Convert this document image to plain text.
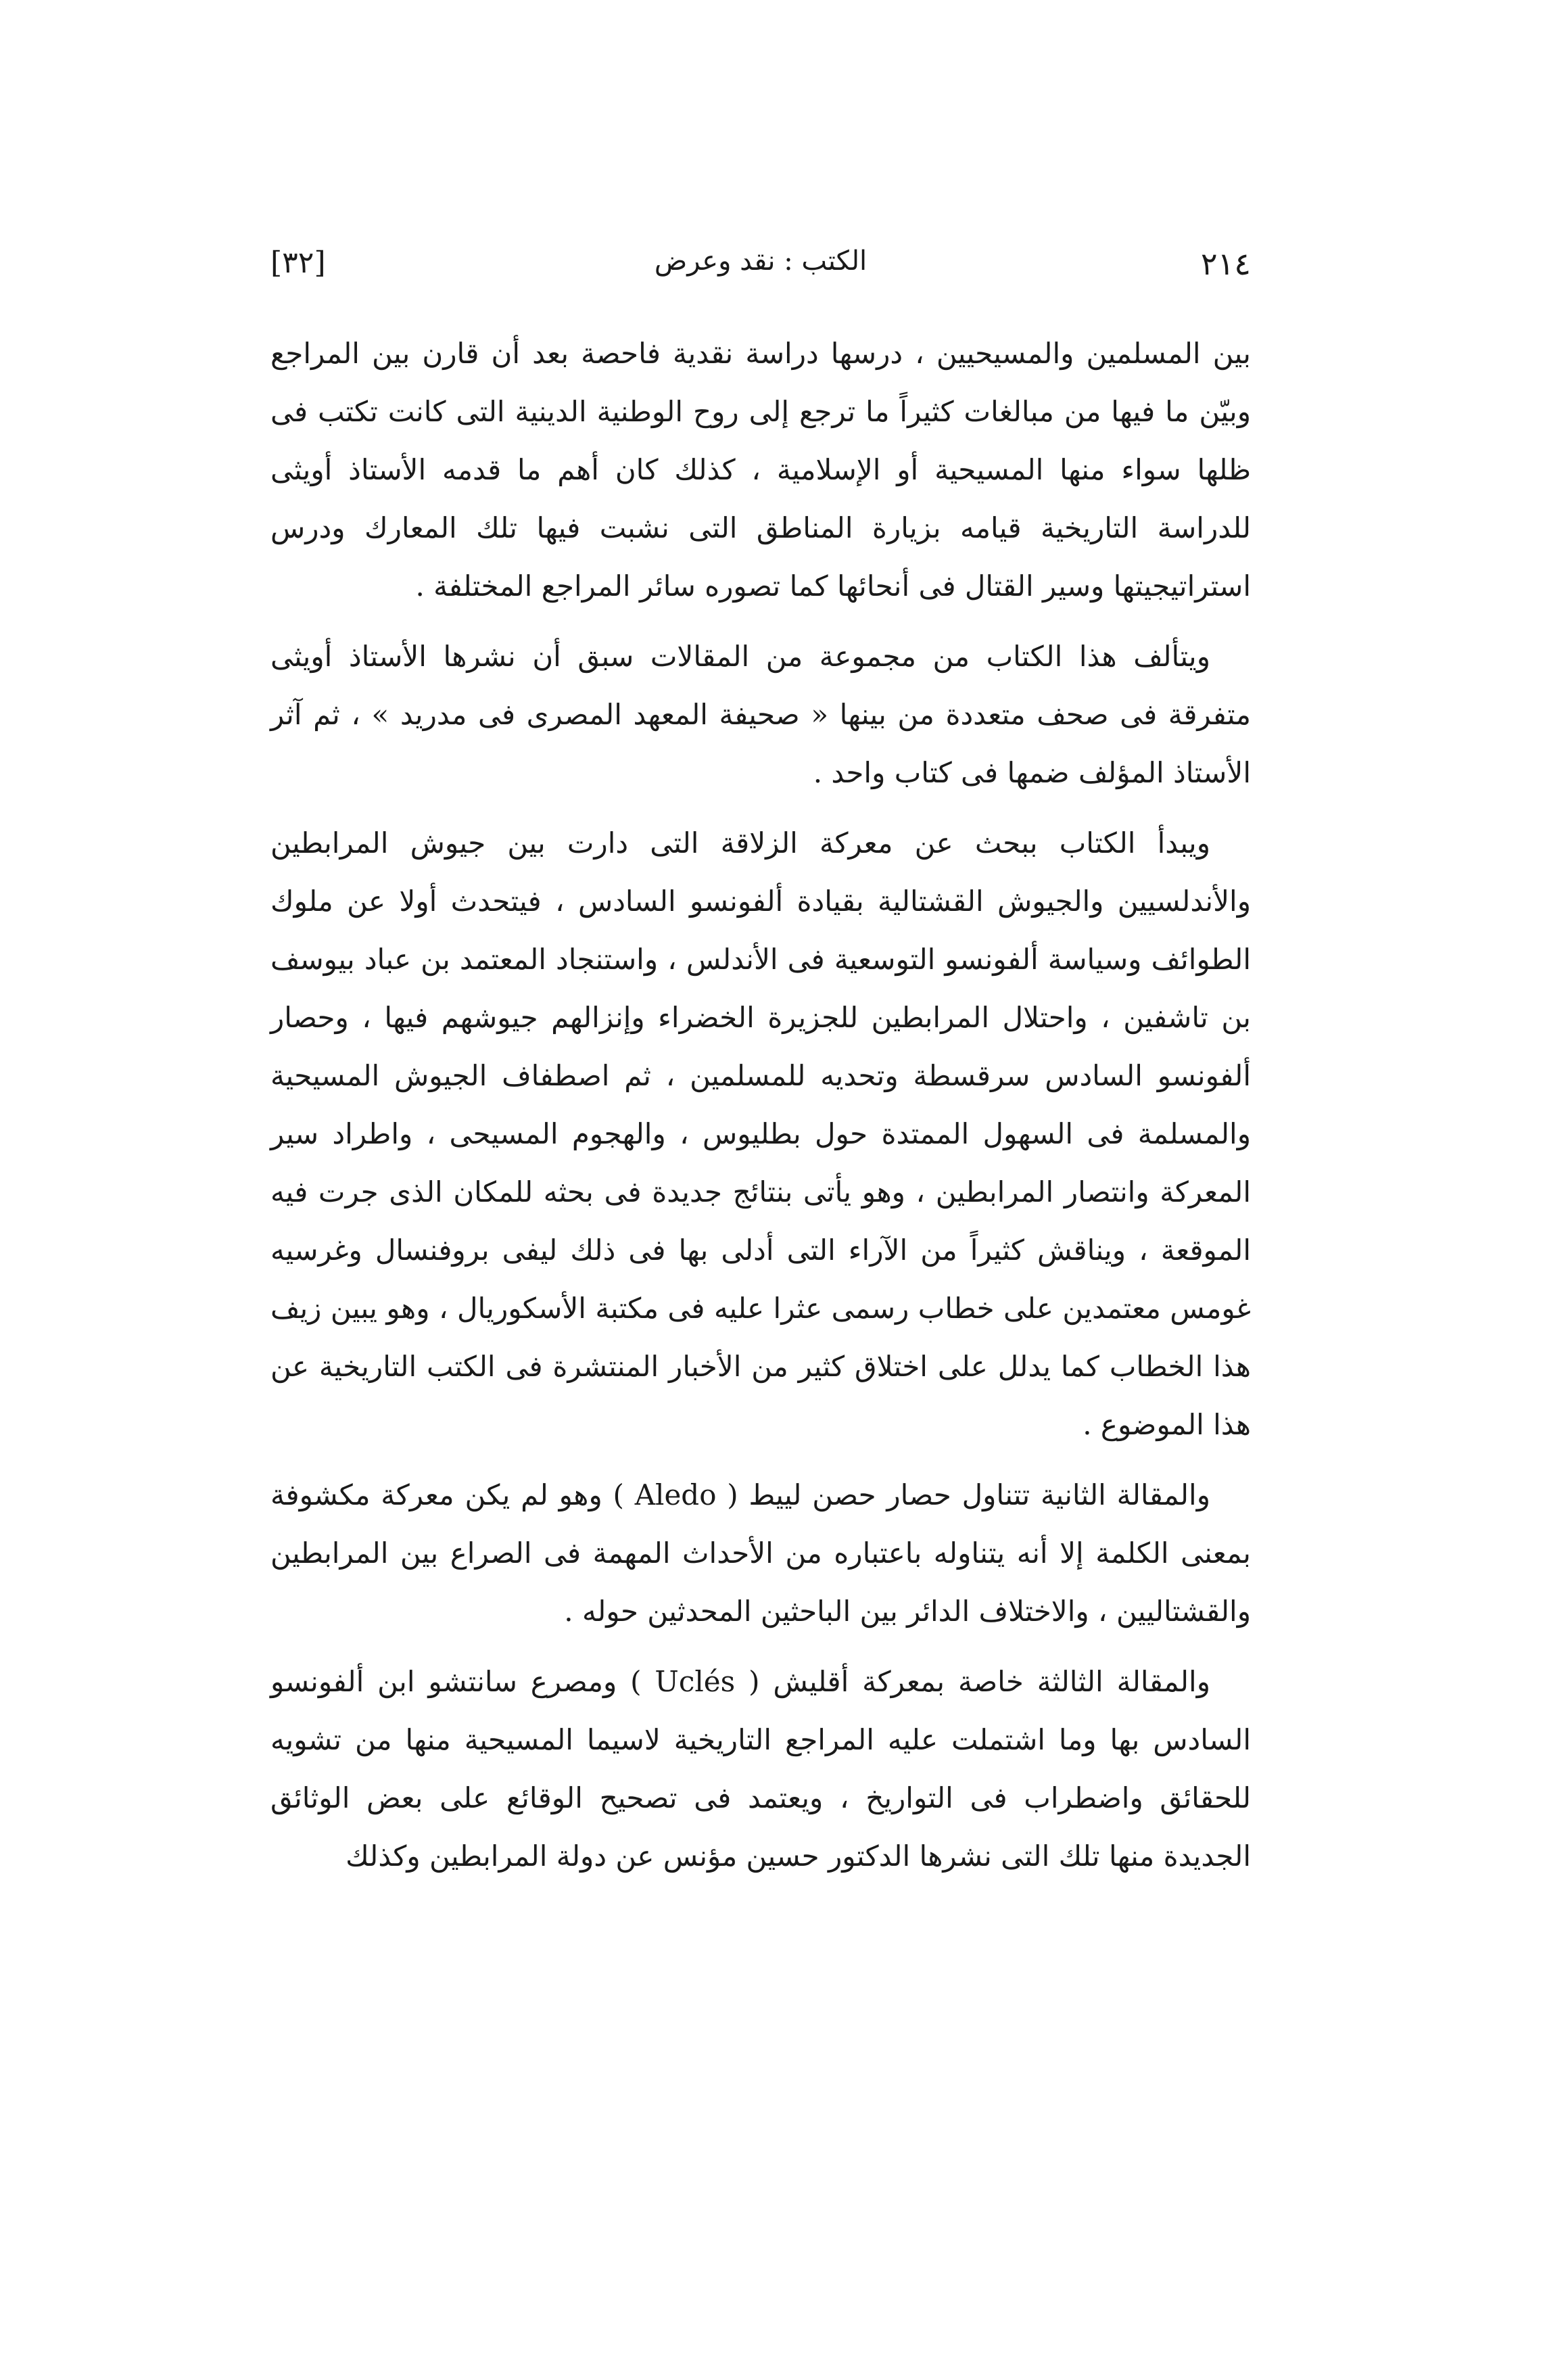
[٣٢]	الكتب : نقد وعرض	٢١٤

بين المسلمين والمسيحيين ، درسها دراسة نقدية فاحصة بعد أن قارن بين المراجع وبيّن ما فيها من مبالغات كثيراً ما ترجع إلى روح الوطنية الدينية التى كانت تكتب فى ظلها سواء منها المسيحية أو الإسلامية ، كذلك كان أهم ما قدمه الأستاذ أويثى للدراسة التاريخية قيامه بزيارة المناطق التى نشبت فيها تلك المعارك ودرس استراتيجيتها وسير القتال فى أنحائها كما تصوره سائر المراجع المختلفة .

ويتألف هذا الكتاب من مجموعة من المقالات سبق أن نشرها الأستاذ أويثى متفرقة فى صحف متعددة من بينها « صحيفة المعهد المصرى فى مدريد » ، ثم آثر الأستاذ المؤلف ضمها فى كتاب واحد .

ويبدأ الكتاب ببحث عن معركة الزلاقة التى دارت بين جيوش المرابطين والأندلسيين والجيوش القشتالية بقيادة ألفونسو السادس ، فيتحدث أولا عن ملوك الطوائف وسياسة ألفونسو التوسعية فى الأندلس ، واستنجاد المعتمد بن عباد بيوسف بن تاشفين ، واحتلال المرابطين للجزيرة الخضراء وإنزالهم جيوشهم فيها ، وحصار ألفونسو السادس سرقسطة وتحديه للمسلمين ، ثم اصطفاف الجيوش المسيحية والمسلمة فى السهول الممتدة حول بطليوس ، والهجوم المسيحى ، واطراد سير المعركة وانتصار المرابطين ، وهو يأتى بنتائج جديدة فى بحثه للمكان الذى جرت فيه الموقعة ، ويناقش كثيراً من الآراء التى أدلى بها فى ذلك ليفى بروفنسال وغرسيه غومس معتمدين على خطاب رسمى عثرا عليه فى مكتبة الأسكوريال ، وهو يبين زيف هذا الخطاب كما يدلل على اختلاق كثير من الأخبار المنتشرة فى الكتب التاريخية عن هذا الموضوع .

والمقالة الثانية تتناول حصار حصن لييط ( Aledo ) وهو لم يكن معركة مكشوفة بمعنى الكلمة إلا أنه يتناوله باعتباره من الأحداث المهمة فى الصراع بين المرابطين والقشتاليين ، والاختلاف الدائر بين الباحثين المحدثين حوله .

والمقالة الثالثة خاصة بمعركة أقليش ( Uclés ) ومصرع سانتشو ابن ألفونسو السادس بها وما اشتملت عليه المراجع التاريخية لاسيما المسيحية منها من تشويه للحقائق واضطراب فى التواريخ ، ويعتمد فى تصحيح الوقائع على بعض الوثائق الجديدة منها تلك التى نشرها الدكتور حسين مؤنس عن دولة المرابطين وكذلك
